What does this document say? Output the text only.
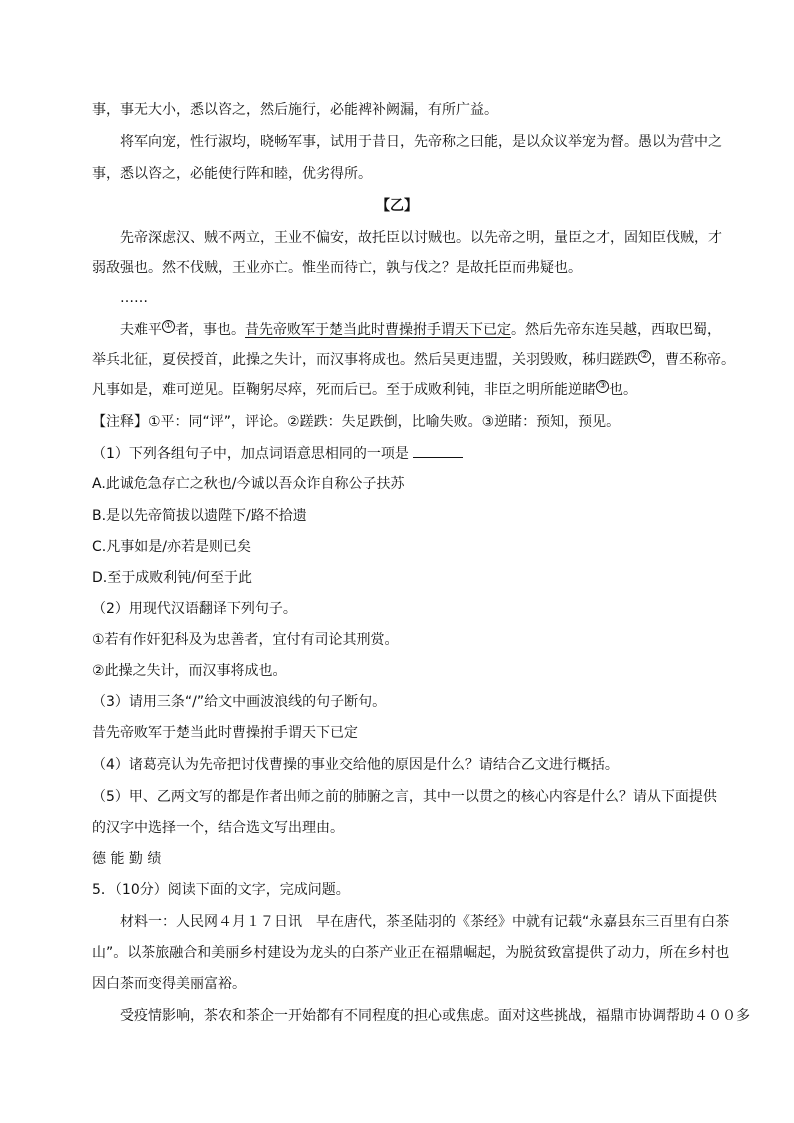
事，事无大小，悉以咨之，然后施行，必能裨补阙漏，有所广益。
将军向宠，性行淑均，晓畅军事，试用于昔日，先帝称之曰能，是以众议举宠为督。愚以为营中之
事，悉以咨之，必能使行阵和睦，优劣得所。
【乙】
先帝深虑汉、贼不两立，王业不偏安，故托臣以讨贼也。以先帝之明，量臣之才，固知臣伐贼，才
弱敌强也。然不伐贼，王业亦亡。惟坐而待亡，孰与伐之？是故托臣而弗疑也。
……
夫难平 ① 者，事也。昔先帝败军于楚当此时曹操拊手谓天下已定。然后先帝东连吴越，西取巴蜀，
举兵北征，夏侯授首，此操之失计，而汉事将成也。然后吴更违盟，关羽毁败，秭归蹉跌 ② ，曹丕称帝。
凡事如是，难可逆见。臣鞠躬尽瘁，死而后已。至于成败利钝，非臣之明所能逆睹 ③ 也。
【注释】①平：同“评”，评论。②蹉跌：失足跌倒，比喻失败。③逆睹：预知，预见。
（1）下列各组句子中，加点词语意思相同的一项是
A.此诚危急存亡之秋也/今诚以吾众诈自称公子扶苏
B.是以先帝简拔以遗陛下/路不拾遗
C.凡事如是/亦若是则已矣
D.至于成败利钝/何至于此
（2）用现代汉语翻译下列句子。
①若有作奸犯科及为忠善者，宜付有司论其刑赏。
②此操之失计，而汉事将成也。
（3）请用三条“/”给文中画波浪线的句子断句。
昔先帝败军于楚当此时曹操拊手谓天下已定
（4）诸葛亮认为先帝把讨伐曹操的事业交给他的原因是什么？请结合乙文进行概括。
（5）甲、乙两文写的都是作者出师之前的肺腑之言，其中一以贯之的核心内容是什么？请从下面提供
的汉字中选择一个，结合选文写出理由。
德 能 勤 绩
5．（10分）阅读下面的文字，完成问题。
材料一：人民网４月１７日讯　早在唐代，茶圣陆羽的《茶经》中就有记载“永嘉县东三百里有白茶
山”。以茶旅融合和美丽乡村建设为龙头的白茶产业正在福鼎崛起，为脱贫致富提供了动力，所在乡村也
因白茶而变得美丽富裕。
受疫情影响，茶农和茶企一开始都有不同程度的担心或焦虑。面对这些挑战，福鼎市协调帮助４００多
